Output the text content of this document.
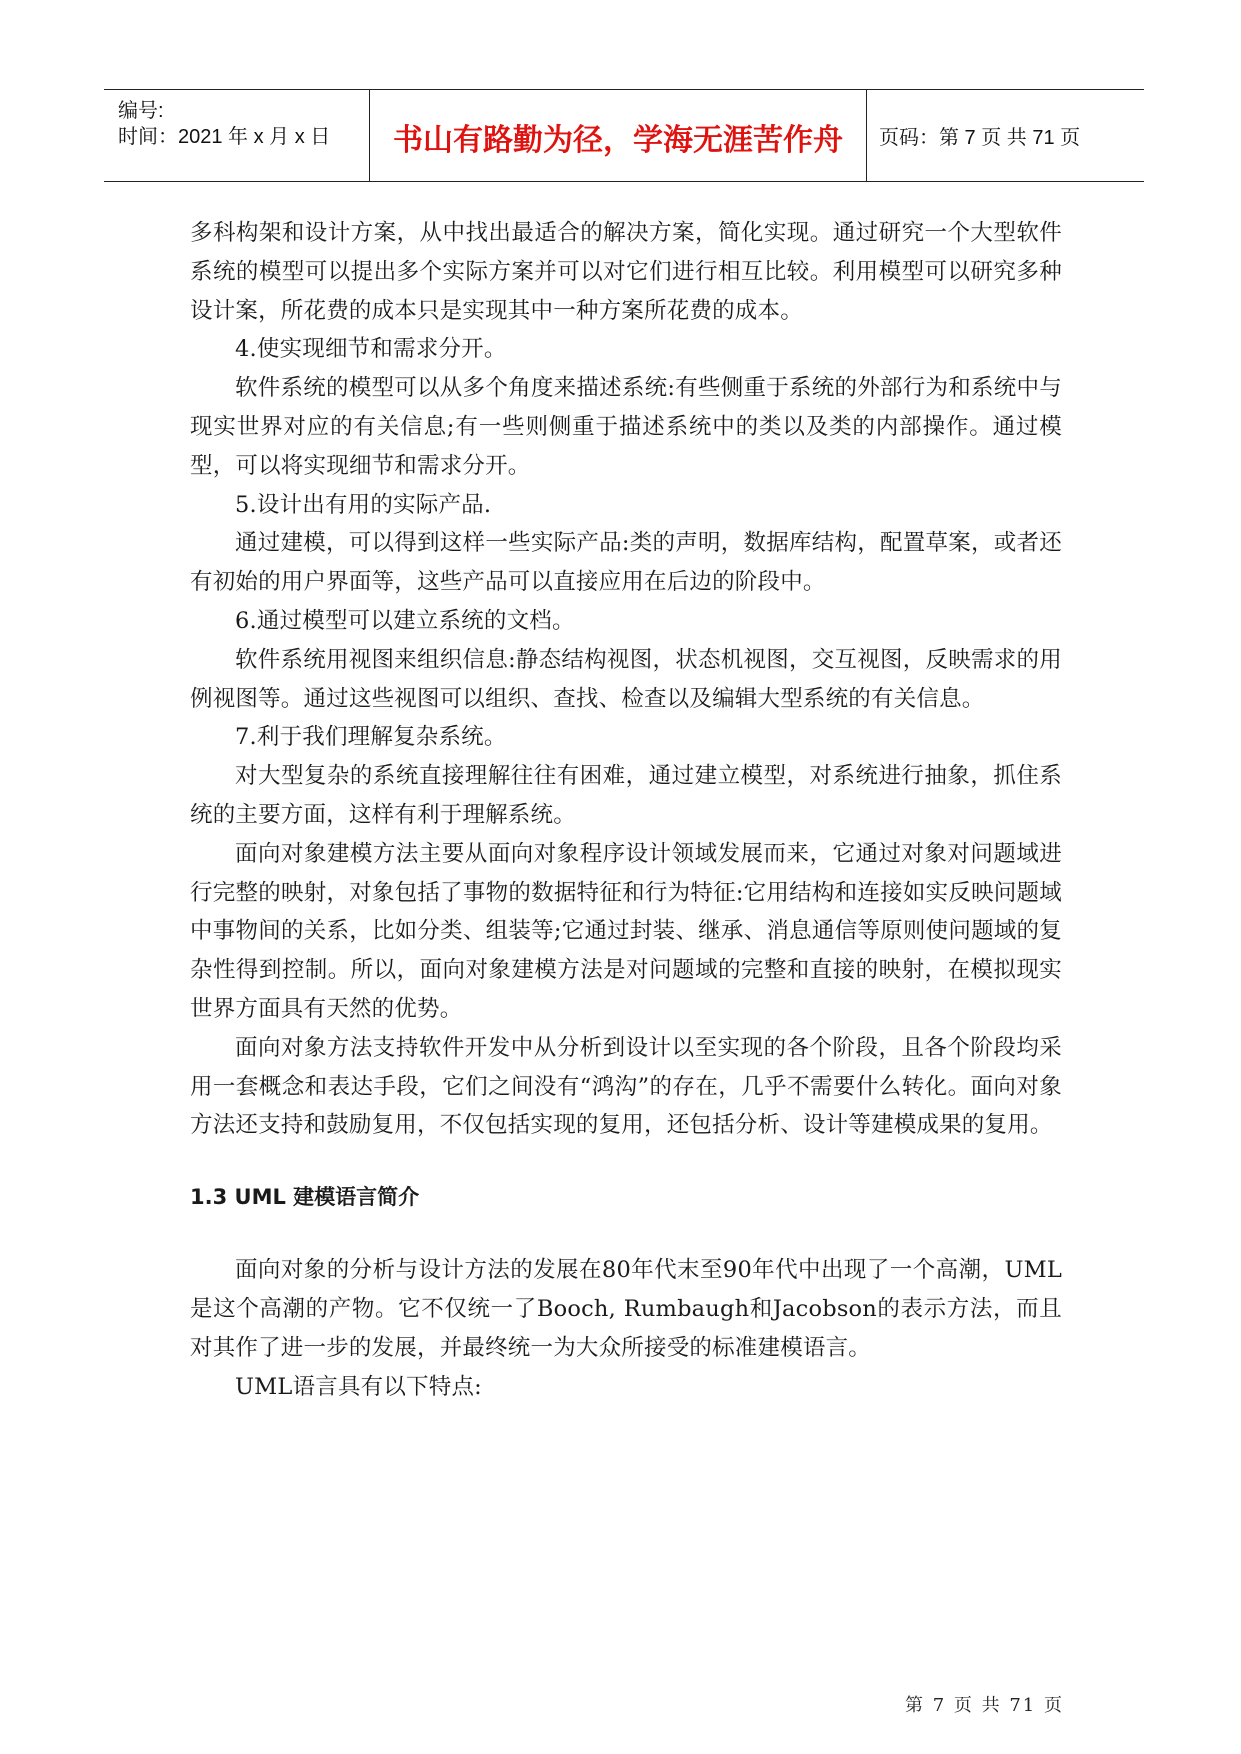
编号:
时间：2021 年 x 月 x 日 书山有路勤为径，学海无涯苦作舟 页码：第 7 页 共 71 页

多科构架和设计方案，从中找出最适合的解决方案，简化实现。通过研究一个大型软件系统的模型可以提出多个实际方案并可以对它们进行相互比较。利用模型可以研究多种设计案，所花费的成本只是实现其中一种方案所花费的成本。

4.使实现细节和需求分开。

软件系统的模型可以从多个角度来描述系统:有些侧重于系统的外部行为和系统中与现实世界对应的有关信息;有一些则侧重于描述系统中的类以及类的内部操作。通过模型，可以将实现细节和需求分开。

5.设计出有用的实际产品.

通过建模，可以得到这样一些实际产品:类的声明，数据库结构，配置草案，或者还有初始的用户界面等，这些产品可以直接应用在后边的阶段中。

6.通过模型可以建立系统的文档。

软件系统用视图来组织信息:静态结构视图，状态机视图，交互视图，反映需求的用例视图等。通过这些视图可以组织、查找、检查以及编辑大型系统的有关信息。

7.利于我们理解复杂系统。

对大型复杂的系统直接理解往往有困难，通过建立模型，对系统进行抽象，抓住系统的主要方面，这样有利于理解系统。

面向对象建模方法主要从面向对象程序设计领域发展而来，它通过对象对问题域进行完整的映射，对象包括了事物的数据特征和行为特征:它用结构和连接如实反映问题域中事物间的关系，比如分类、组装等;它通过封装、继承、消息通信等原则使问题域的复杂性得到控制。所以，面向对象建模方法是对问题域的完整和直接的映射，在模拟现实世界方面具有天然的优势。

面向对象方法支持软件开发中从分析到设计以至实现的各个阶段，且各个阶段均采用一套概念和表达手段，它们之间没有“鸿沟”的存在，几乎不需要什么转化。面向对象方法还支持和鼓励复用，不仅包括实现的复用，还包括分析、设计等建模成果的复用。

1.3 UML 建模语言简介

面向对象的分析与设计方法的发展在80年代末至90年代中出现了一个高潮，UML是这个高潮的产物。它不仅统一了Booch, Rumbaugh和Jacobson的表示方法，而且对其作了进一步的发展，并最终统一为大众所接受的标准建模语言。

UML语言具有以下特点:

第 7 页 共 71 页
